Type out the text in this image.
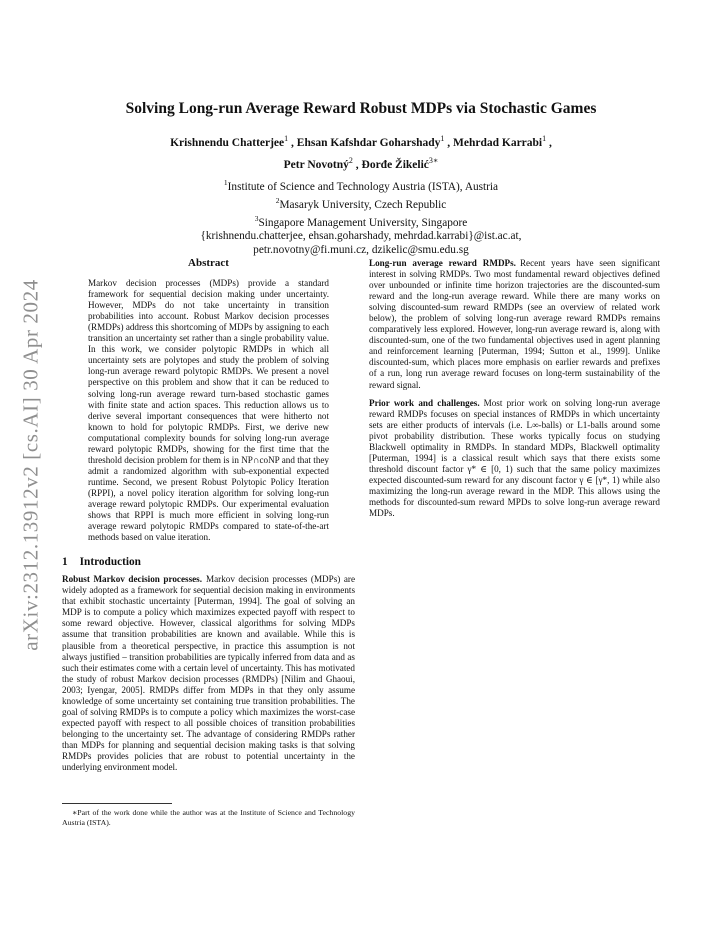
arXiv:2312.13912v2 [cs.AI] 30 Apr 2024
Solving Long-run Average Reward Robust MDPs via Stochastic Games
Krishnendu Chatterjee$^1$ , Ehsan Kafshdar Goharshady$^1$ , Mehrdad Karrabi$^1$ ,
Petr Novotný$^2$ , Đorđe Žikelić$^{3∗}$
$^1$Institute of Science and Technology Austria (ISTA), Austria
$^2$Masaryk University, Czech Republic
$^3$Singapore Management University, Singapore
{krishnendu.chatterjee, ehsan.goharshady, mehrdad.karrabi}@ist.ac.at,
petr.novotny@fi.muni.cz, dzikelic@smu.edu.sg
Abstract

Markov decision processes (MDPs) provide a standard framework for sequential decision making under uncertainty. However, MDPs do not take uncertainty in transition probabilities into account. Robust Markov decision processes (RMDPs) address this shortcoming of MDPs by assigning to each transition an uncertainty set rather than a single probability value. In this work, we consider polytopic RMDPs in which all uncertainty sets are polytopes and study the problem of solving long-run average reward polytopic RMDPs. We present a novel perspective on this problem and show that it can be reduced to solving long-run average reward turn-based stochastic games with finite state and action spaces. This reduction allows us to derive several important consequences that were hitherto not known to hold for polytopic RMDPs. First, we derive new computational complexity bounds for solving long-run average reward polytopic RMDPs, showing for the first time that the threshold decision problem for them is in NP∩coNP and that they admit a randomized algorithm with sub-exponential expected runtime. Second, we present Robust Polytopic Policy Iteration (RPPI), a novel policy iteration algorithm for solving long-run average reward polytopic RMDPs. Our experimental evaluation shows that RPPI is much more efficient in solving long-run average reward polytopic RMDPs compared to state-of-the-art methods based on value iteration.

1 Introduction

Robust Markov decision processes. Markov decision processes (MDPs) are widely adopted as a framework for sequential decision making in environments that exhibit stochastic uncertainty [Puterman, 1994]. The goal of solving an MDP is to compute a policy which maximizes expected payoff with respect to some reward objective. However, classical algorithms for solving MDPs assume that transition probabilities are known and available. While this is plausible from a theoretical perspective, in practice this assumption is not always justified – transition probabilities are typically inferred from data and as such their estimates come with a certain level of uncertainty. This has motivated the study of robust Markov decision processes (RMDPs) [Nilim and Ghaoui, 2003; Iyengar, 2005]. RMDPs differ from MDPs in that they only assume knowledge of some uncertainty set containing true transition probabilities. The goal of solving RMDPs is to compute a policy which maximizes the worst-case expected payoff with respect to all possible choices of transition probabilities belonging to the uncertainty set. The advantage of considering RMDPs rather than MDPs for planning and sequential decision making tasks is that solving RMDPs provides policies that are robust to potential uncertainty in the underlying environment model.

Long-run average reward RMDPs. Recent years have seen significant interest in solving RMDPs. Two most fundamental reward objectives defined over unbounded or infinite time horizon trajectories are the discounted-sum reward and the long-run average reward. While there are many works on solving discounted-sum reward RMDPs (see an overview of related work below), the problem of solving long-run average reward RMDPs remains comparatively less explored. However, long-run average reward is, along with discounted-sum, one of the two fundamental objectives used in agent planning and reinforcement learning [Puterman, 1994; Sutton et al., 1999]. Unlike discounted-sum, which places more emphasis on earlier rewards and prefixes of a run, long run average reward focuses on long-term sustainability of the reward signal.

Prior work and challenges. Most prior work on solving long-run average reward RMDPs focuses on special instances of RMDPs in which uncertainty sets are either products of intervals (i.e. L∞-balls) or L1-balls around some pivot probability distribution. These works typically focus on studying Blackwell optimality in RMDPs. In standard MDPs, Blackwell optimality [Puterman, 1994] is a classical result which says that there exists some threshold discount factor γ* ∈ [0, 1) such that the same policy maximizes expected discounted-sum reward for any discount factor γ ∈ [γ*, 1) while also maximizing the long-run average reward in the MDP. This allows using the methods for discounted-sum reward MPDs to solve long-run average reward MDPs.

∗Part of the work done while the author was at the Institute of Science and Technology Austria (ISTA).
